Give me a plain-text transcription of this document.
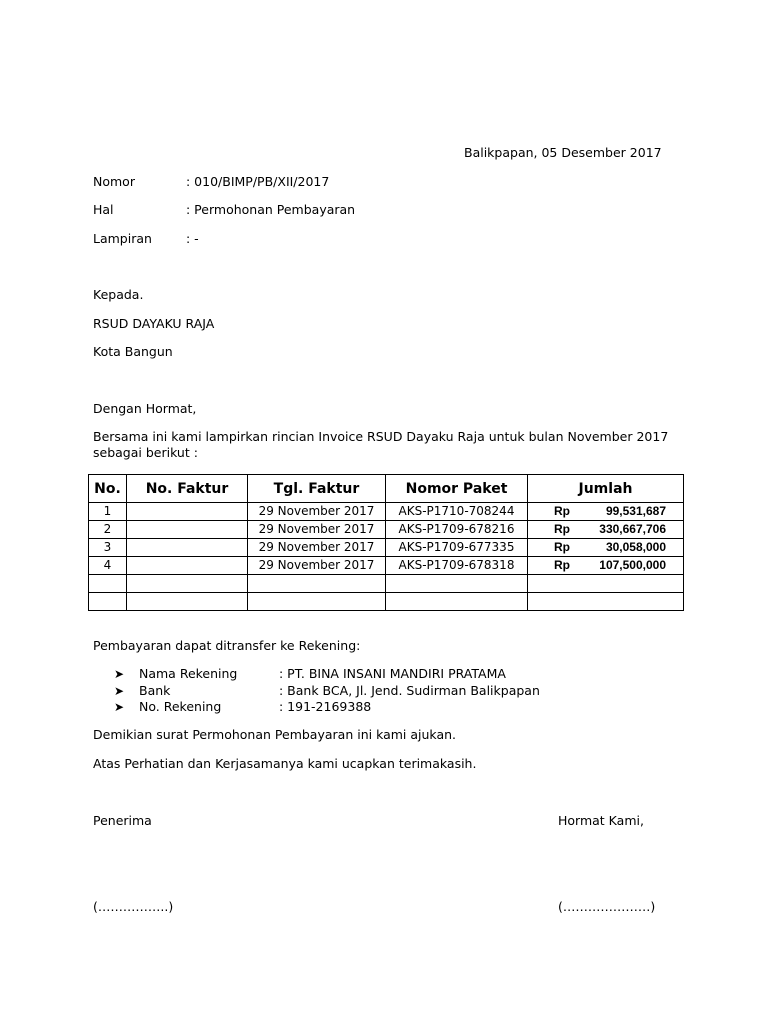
Balikpapan, 05 Desember 2017
Nomor	: 010/BIMP/PB/XII/2017
Hal	: Permohonan Pembayaran
Lampiran	: -
Kepada.
RSUD DAYAKU RAJA
Kota Bangun
Dengan Hormat,
Bersama ini kami lampirkan rincian Invoice RSUD Dayaku Raja untuk bulan November 2017 sebagai berikut :
No.	No. Faktur	Tgl. Faktur	Nomor Paket	Jumlah
1		29 November 2017	AKS-P1710-708244	Rp 99,531,687
2		29 November 2017	AKS-P1709-678216	Rp 330,667,706
3		29 November 2017	AKS-P1709-677335	Rp 30,058,000
4		29 November 2017	AKS-P1709-678318	Rp 107,500,000

Pembayaran dapat ditransfer ke Rekening:
➤	Nama Rekening	: PT. BINA INSANI MANDIRI PRATAMA
➤	Bank	: Bank BCA, Jl. Jend. Sudirman Balikpapan
➤	No. Rekening	: 191-2169388
Demikian surat Permohonan Pembayaran ini kami ajukan.
Atas Perhatian dan Kerjasamanya kami ucapkan terimakasih.
Penerima	Hormat Kami,
(……………..)	(…………………)
